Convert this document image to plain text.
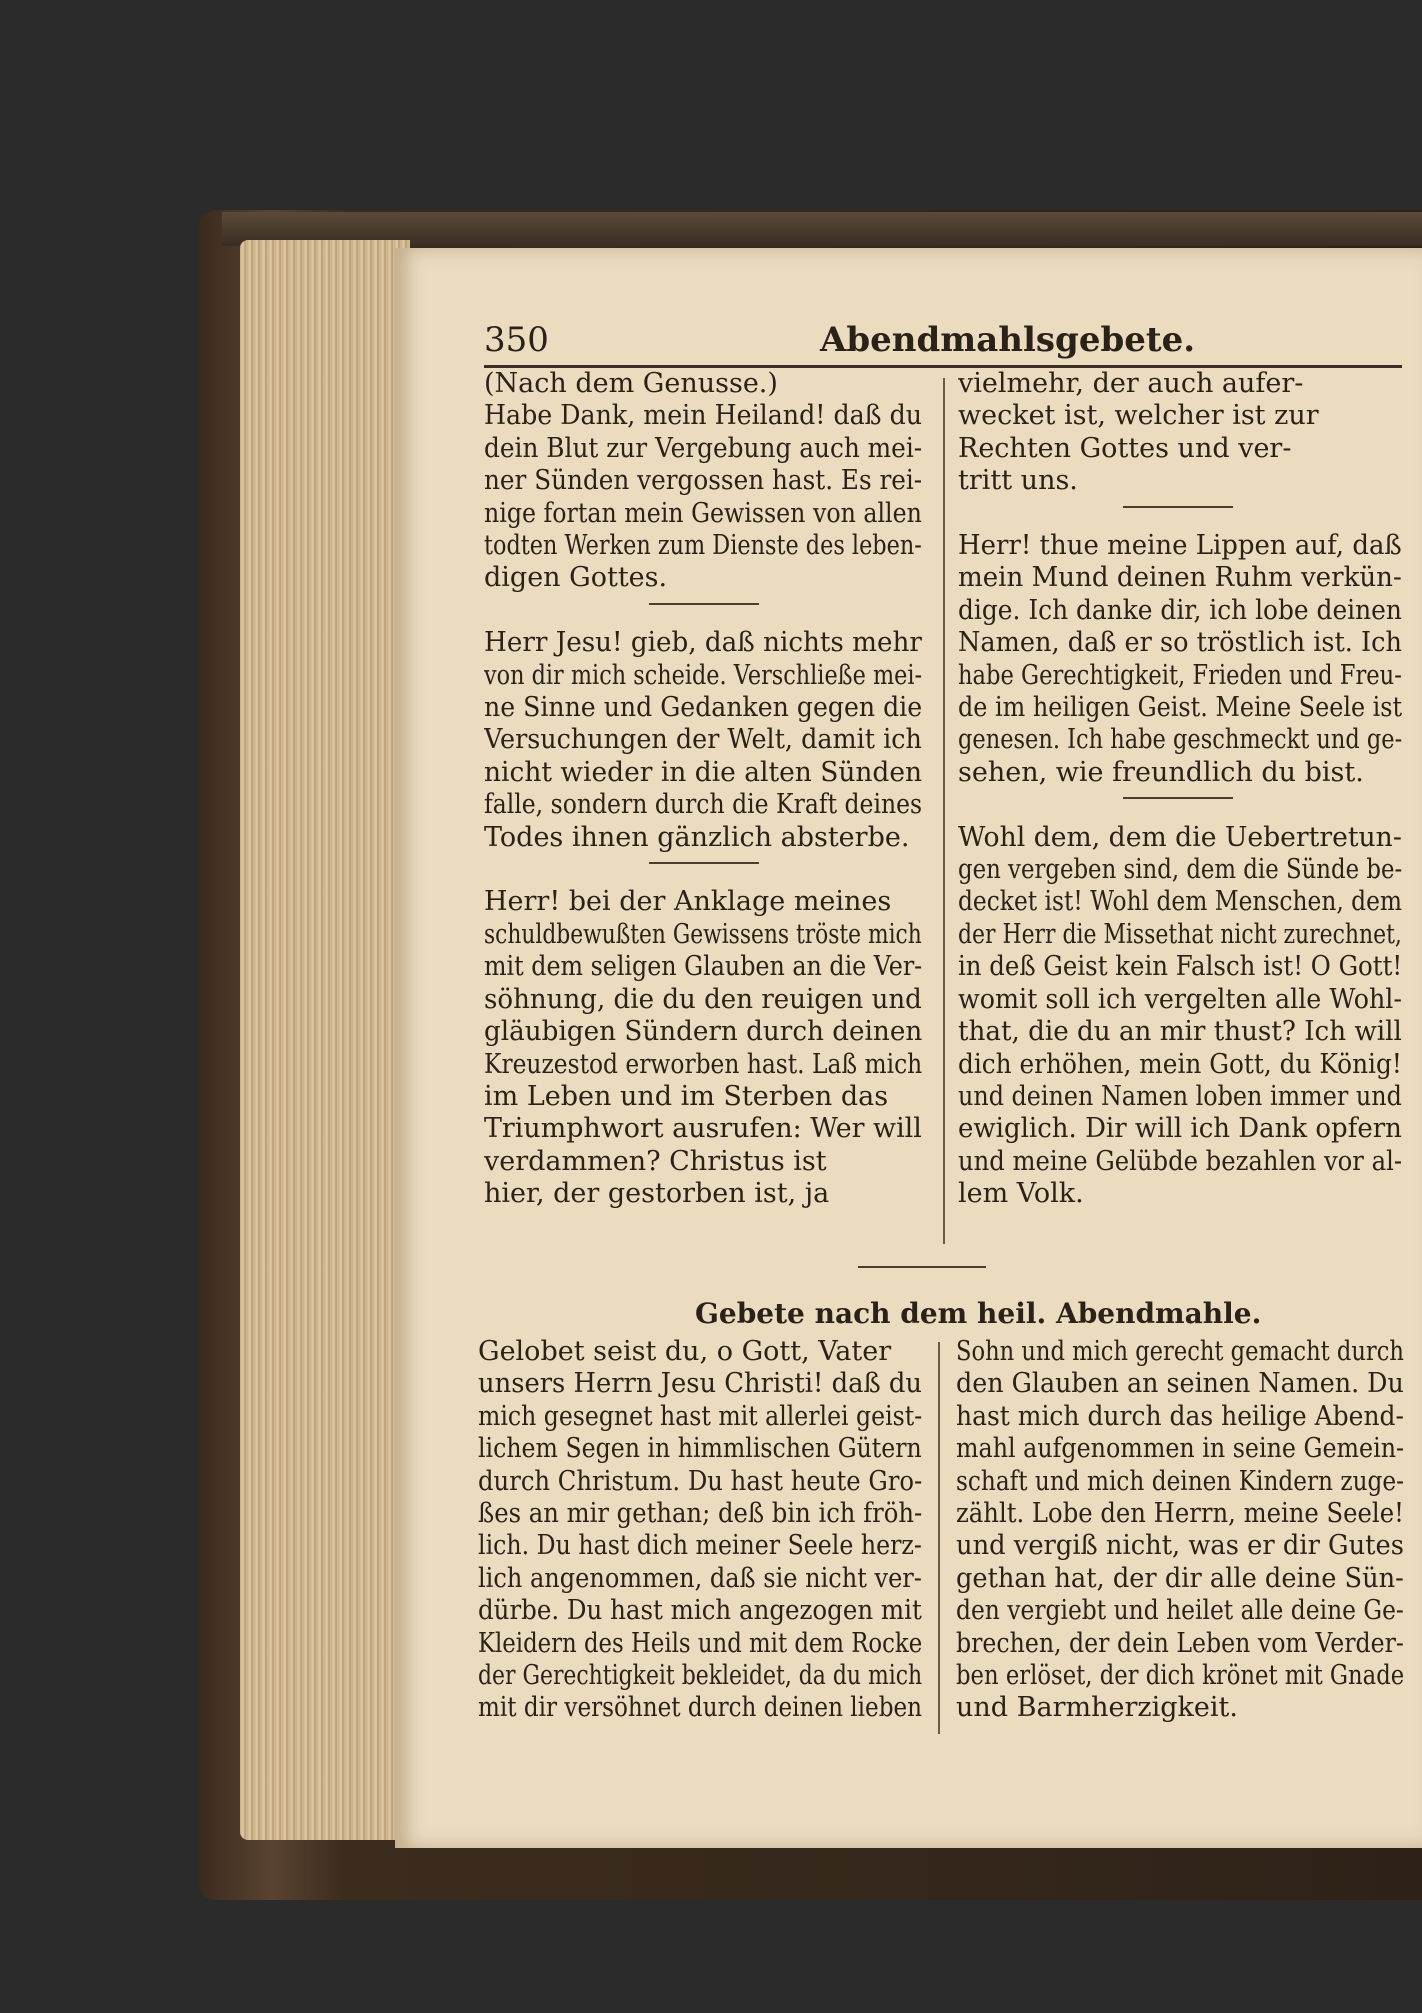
350	Abendmahlsgebete.
(Nach dem Genusse.)
Habe Dank, mein Heiland! daß du
dein Blut zur Vergebung auch mei-
ner Sünden vergossen hast. Es rei-
nige fortan mein Gewissen von allen
todten Werken zum Dienste des leben-
digen Gottes.
Herr Jesu! gieb, daß nichts mehr
von dir mich scheide. Verschließe mei-
ne Sinne und Gedanken gegen die
Versuchungen der Welt, damit ich
nicht wieder in die alten Sünden
falle, sondern durch die Kraft deines
Todes ihnen gänzlich absterbe.
Herr! bei der Anklage meines
schuldbewußten Gewissens tröste mich
mit dem seligen Glauben an die Ver-
söhnung, die du den reuigen und
gläubigen Sündern durch deinen
Kreuzestod erworben hast. Laß mich
im Leben und im Sterben das
Triumphwort ausrufen: Wer will
verdammen? Christus ist
hier, der gestorben ist, ja
vielmehr, der auch aufer-
wecket ist, welcher ist zur
Rechten Gottes und ver-
tritt uns.
Herr! thue meine Lippen auf, daß
mein Mund deinen Ruhm verkün-
dige. Ich danke dir, ich lobe deinen
Namen, daß er so tröstlich ist. Ich
habe Gerechtigkeit, Frieden und Freu-
de im heiligen Geist. Meine Seele ist
genesen. Ich habe geschmeckt und ge-
sehen, wie freundlich du bist.
Wohl dem, dem die Uebertretun-
gen vergeben sind, dem die Sünde be-
decket ist! Wohl dem Menschen, dem
der Herr die Missethat nicht zurechnet,
in deß Geist kein Falsch ist! O Gott!
womit soll ich vergelten alle Wohl-
that, die du an mir thust? Ich will
dich erhöhen, mein Gott, du König!
und deinen Namen loben immer und
ewiglich. Dir will ich Dank opfern
und meine Gelübde bezahlen vor al-
lem Volk.
Gebete nach dem heil. Abendmahle.
Gelobet seist du, o Gott, Vater
unsers Herrn Jesu Christi! daß du
mich gesegnet hast mit allerlei geist-
lichem Segen in himmlischen Gütern
durch Christum. Du hast heute Gro-
ßes an mir gethan; deß bin ich fröh-
lich. Du hast dich meiner Seele herz-
lich angenommen, daß sie nicht ver-
dürbe. Du hast mich angezogen mit
Kleidern des Heils und mit dem Rocke
der Gerechtigkeit bekleidet, da du mich
mit dir versöhnet durch deinen lieben
Sohn und mich gerecht gemacht durch
den Glauben an seinen Namen. Du
hast mich durch das heilige Abend-
mahl aufgenommen in seine Gemein-
schaft und mich deinen Kindern zuge-
zählt. Lobe den Herrn, meine Seele!
und vergiß nicht, was er dir Gutes
gethan hat, der dir alle deine Sün-
den vergiebt und heilet alle deine Ge-
brechen, der dein Leben vom Verder-
ben erlöset, der dich krönet mit Gnade
und Barmherzigkeit.
